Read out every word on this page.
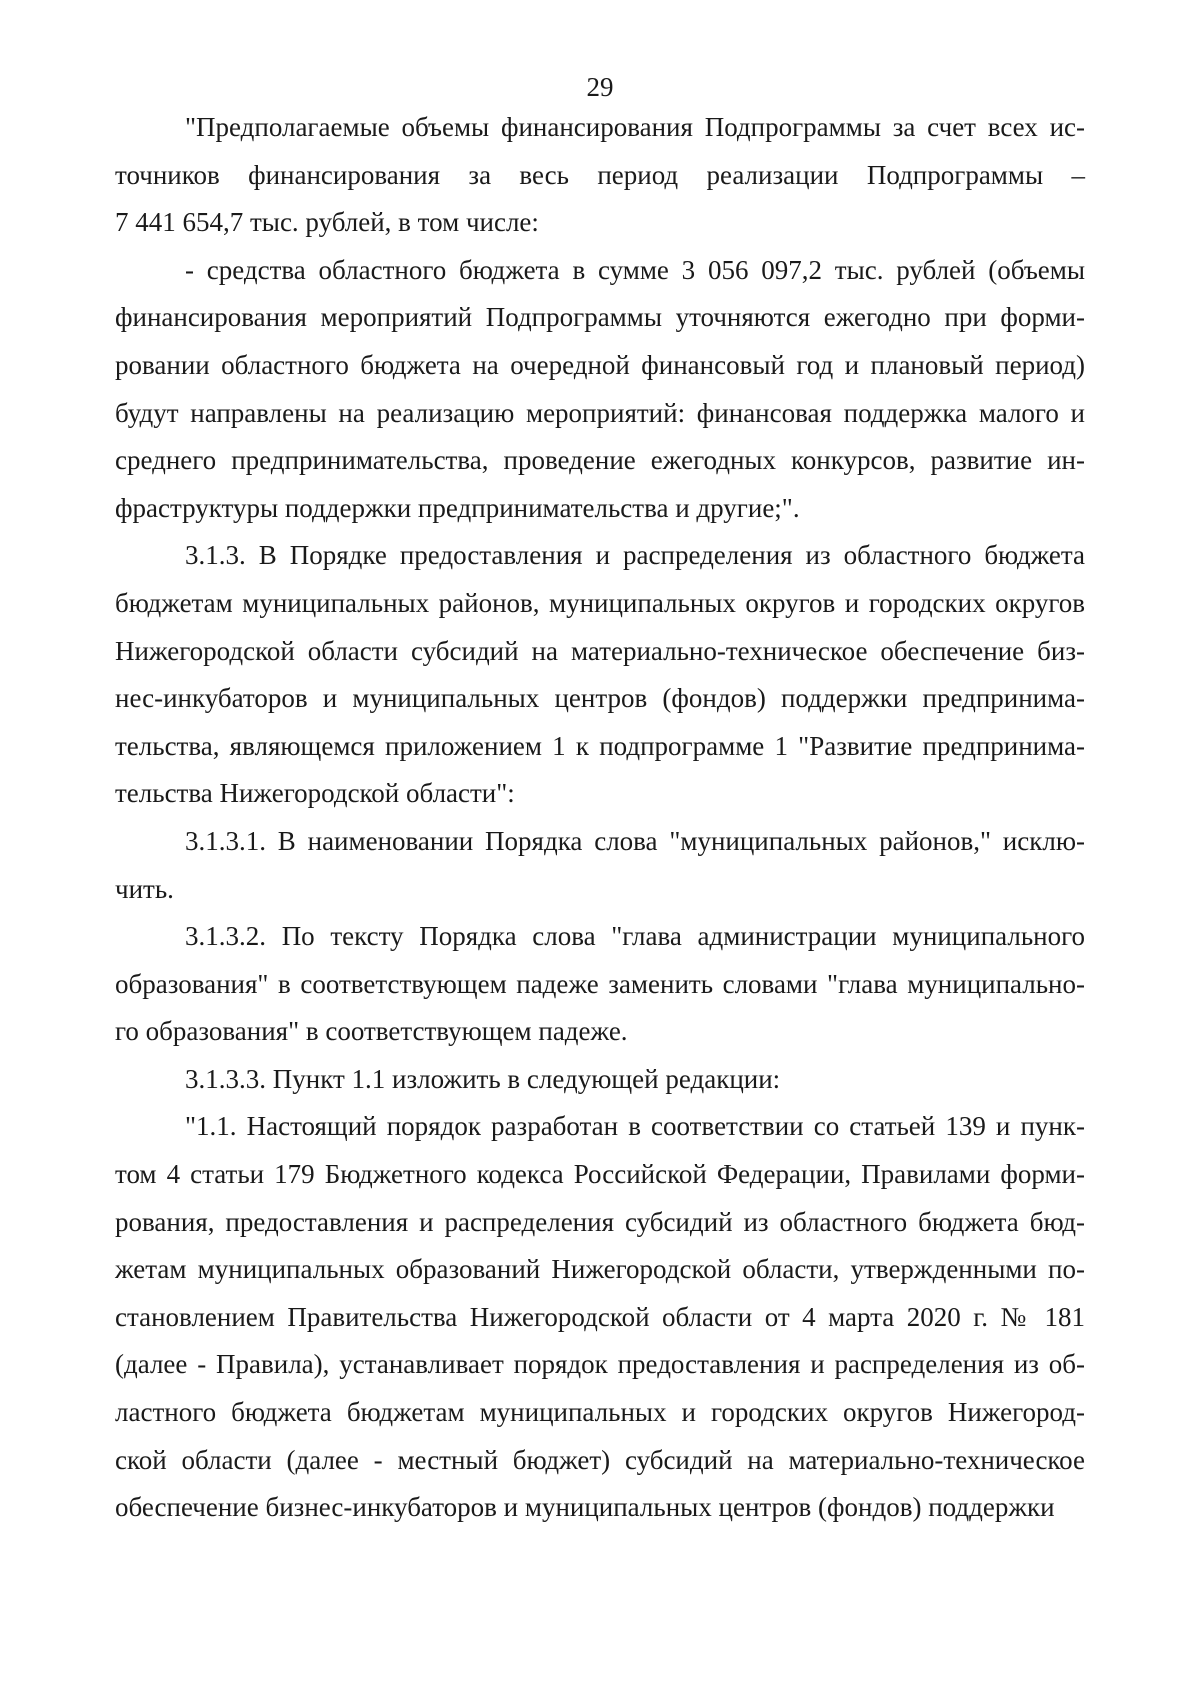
29
"Предполагаемые объемы финансирования Подпрограммы за счет всех ис-
точников финансирования за весь период реализации Подпрограммы –
7 441 654,7 тыс. рублей, в том числе:
- средства областного бюджета в сумме 3 056 097,2 тыс. рублей (объемы
финансирования мероприятий Подпрограммы уточняются ежегодно при форми-
ровании областного бюджета на очередной финансовый год и плановый период)
будут направлены на реализацию мероприятий: финансовая поддержка малого и
среднего предпринимательства, проведение ежегодных конкурсов, развитие ин-
фраструктуры поддержки предпринимательства и другие;".
3.1.3. В Порядке предоставления и распределения из областного бюджета
бюджетам муниципальных районов, муниципальных округов и городских округов
Нижегородской области субсидий на материально-техническое обеспечение биз-
нес-инкубаторов и муниципальных центров (фондов) поддержки предпринима-
тельства, являющемся приложением 1 к подпрограмме 1 "Развитие предпринима-
тельства Нижегородской области":
3.1.3.1. В наименовании Порядка слова "муниципальных районов," исклю-
чить.
3.1.3.2. По тексту Порядка слова "глава администрации муниципального
образования" в соответствующем падеже заменить словами "глава муниципально-
го образования" в соответствующем падеже.
3.1.3.3. Пункт 1.1 изложить в следующей редакции:
"1.1. Настоящий порядок разработан в соответствии со статьей 139 и пунк-
том 4 статьи 179 Бюджетного кодекса Российской Федерации, Правилами форми-
рования, предоставления и распределения субсидий из областного бюджета бюд-
жетам муниципальных образований Нижегородской области, утвержденными по-
становлением Правительства Нижегородской области от 4 марта 2020 г. № 181
(далее - Правила), устанавливает порядок предоставления и распределения из об-
ластного бюджета бюджетам муниципальных и городских округов Нижегород-
ской области (далее - местный бюджет) субсидий на материально-техническое
обеспечение бизнес-инкубаторов и муниципальных центров (фондов) поддержки
